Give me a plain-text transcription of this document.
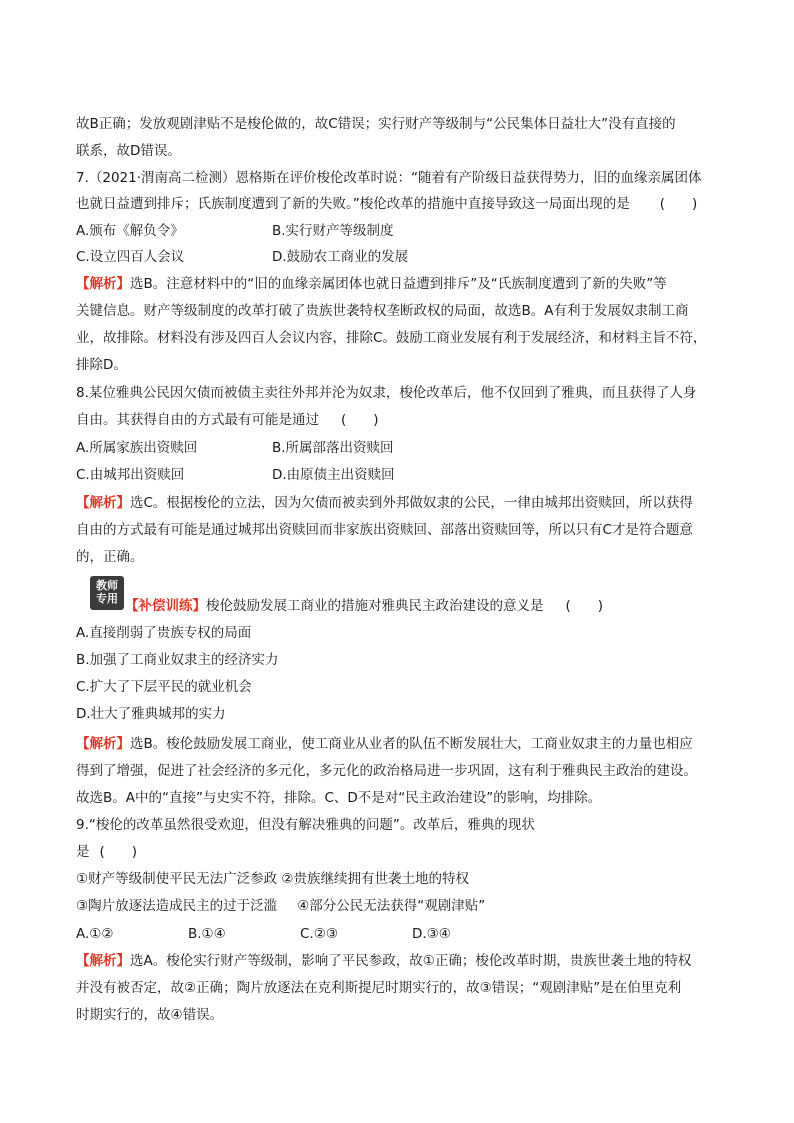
故B正确；发放观剧津贴不是梭伦做的，故C错误；实行财产等级制与“公民集体日益壮大”没有直接的
联系，故D错误。
7.（2021·渭南高二检测）恩格斯在评价梭伦改革时说：“随着有产阶级日益获得势力，旧的血缘亲属团体
也就日益遭到排斥；氏族制度遭到了新的失败。”梭伦改革的措施中直接导致这一局面出现的是 (　　)
A.颁布《解负令》	B.实行财产等级制度
C.设立四百人会议	D.鼓励农工商业的发展
【解析】选B。注意材料中的“旧的血缘亲属团体也就日益遭到排斥”及“氏族制度遭到了新的失败”等
关键信息。财产等级制度的改革打破了贵族世袭特权垄断政权的局面，故选B。A有利于发展奴隶制工商
业，故排除。材料没有涉及四百人会议内容，排除C。鼓励工商业发展有利于发展经济，和材料主旨不符，
排除D。
8.某位雅典公民因欠债而被债主卖往外邦并沦为奴隶，梭伦改革后，他不仅回到了雅典，而且获得了人身
自由。其获得自由的方式最有可能是通过 (　　)
A.所属家族出资赎回	B.所属部落出资赎回
C.由城邦出资赎回	D.由原债主出资赎回
【解析】选C。根据梭伦的立法，因为欠债而被卖到外邦做奴隶的公民，一律由城邦出资赎回，所以获得
自由的方式最有可能是通过城邦出资赎回而非家族出资赎回、部落出资赎回等，所以只有C才是符合题意
的，正确。
教师
专用 【补偿训练】梭伦鼓励发展工商业的措施对雅典民主政治建设的意义是 (　　)
A.直接削弱了贵族专权的局面
B.加强了工商业奴隶主的经济实力
C.扩大了下层平民的就业机会
D.壮大了雅典城邦的实力
【解析】选B。梭伦鼓励发展工商业，使工商业从业者的队伍不断发展壮大，工商业奴隶主的力量也相应
得到了增强，促进了社会经济的多元化，多元化的政治格局进一步巩固，这有利于雅典民主政治的建设。
故选B。A中的“直接”与史实不符，排除。C、D不是对“民主政治建设”的影响，均排除。
9.“梭伦的改革虽然很受欢迎，但没有解决雅典的问题”。改革后，雅典的现状
是 (　　)
①财产等级制使平民无法广泛参政 ②贵族继续拥有世袭土地的特权
③陶片放逐法造成民主的过于泛滥 ④部分公民无法获得“观剧津贴”
A.①②	B.①④	C.②③	D.③④
【解析】选A。梭伦实行财产等级制，影响了平民参政，故①正确；梭伦改革时期，贵族世袭土地的特权
并没有被否定，故②正确；陶片放逐法在克利斯提尼时期实行的，故③错误；“观剧津贴”是在伯里克利
时期实行的，故④错误。
